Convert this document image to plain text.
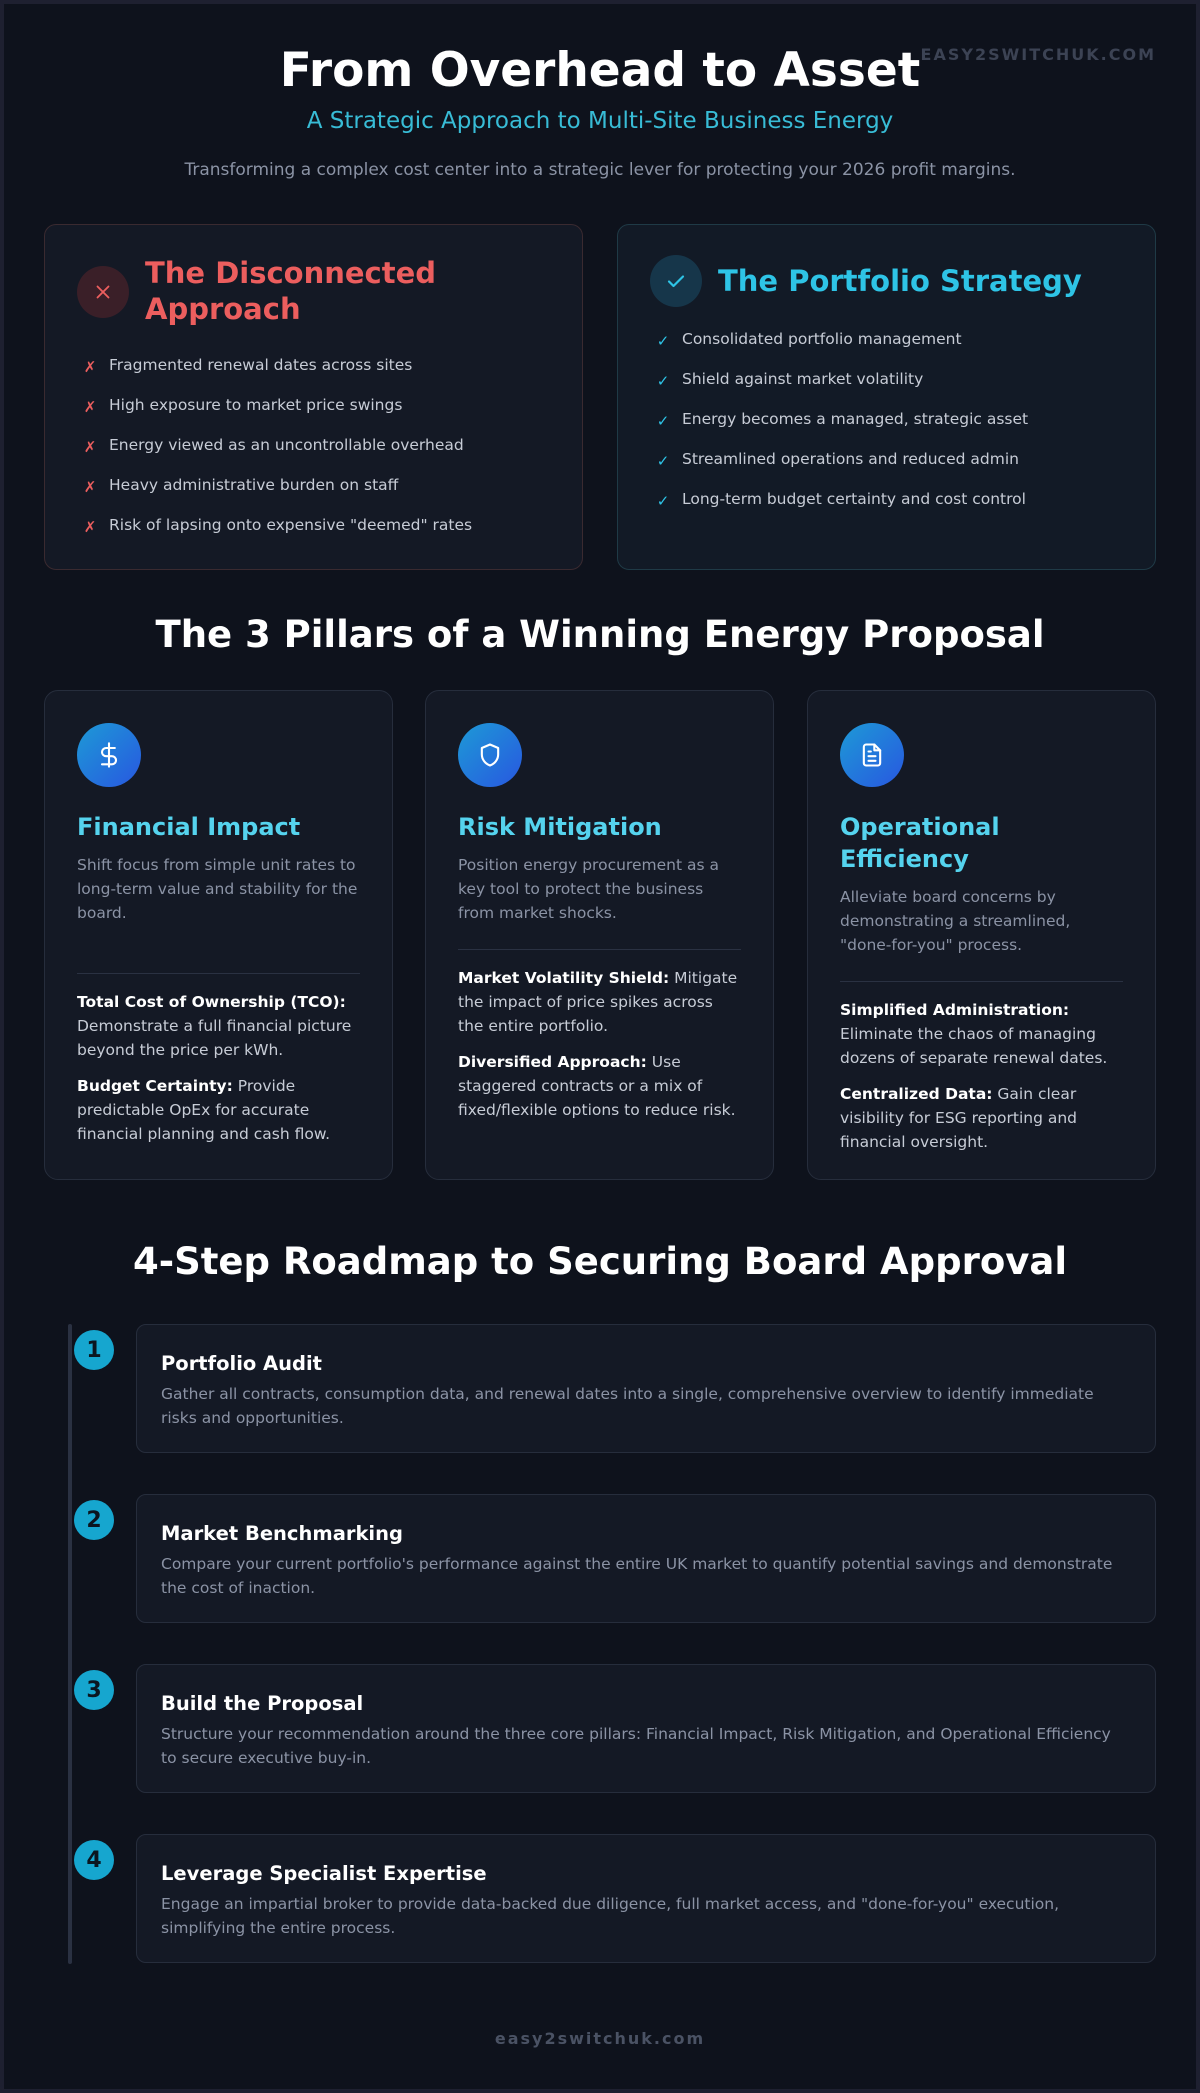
EASY2SWITCHUK.COM
From Overhead to Asset
A Strategic Approach to Multi-Site Business Energy
Transforming a complex cost center into a strategic lever for protecting your 2026 profit margins.
The Disconnected Approach
✗ Fragmented renewal dates across sites
✗ High exposure to market price swings
✗ Energy viewed as an uncontrollable overhead
✗ Heavy administrative burden on staff
✗ Risk of lapsing onto expensive "deemed" rates
The Portfolio Strategy
✓ Consolidated portfolio management
✓ Shield against market volatility
✓ Energy becomes a managed, strategic asset
✓ Streamlined operations and reduced admin
✓ Long-term budget certainty and cost control
The 3 Pillars of a Winning Energy Proposal
Financial Impact
Shift focus from simple unit rates to long-term value and stability for the board.
Total Cost of Ownership (TCO): Demonstrate a full financial picture beyond the price per kWh.
Budget Certainty: Provide predictable OpEx for accurate financial planning and cash flow.
Risk Mitigation
Position energy procurement as a key tool to protect the business from market shocks.
Market Volatility Shield: Mitigate the impact of price spikes across the entire portfolio.
Diversified Approach: Use staggered contracts or a mix of fixed/flexible options to reduce risk.
Operational Efficiency
Alleviate board concerns by demonstrating a streamlined, "done-for-you" process.
Simplified Administration: Eliminate the chaos of managing dozens of separate renewal dates.
Centralized Data: Gain clear visibility for ESG reporting and financial oversight.
4-Step Roadmap to Securing Board Approval
1
Portfolio Audit
Gather all contracts, consumption data, and renewal dates into a single, comprehensive overview to identify immediate risks and opportunities.
2
Market Benchmarking
Compare your current portfolio's performance against the entire UK market to quantify potential savings and demonstrate the cost of inaction.
3
Build the Proposal
Structure your recommendation around the three core pillars: Financial Impact, Risk Mitigation, and Operational Efficiency to secure executive buy-in.
4
Leverage Specialist Expertise
Engage an impartial broker to provide data-backed due diligence, full market access, and "done-for-you" execution, simplifying the entire process.
easy2switchuk.com
